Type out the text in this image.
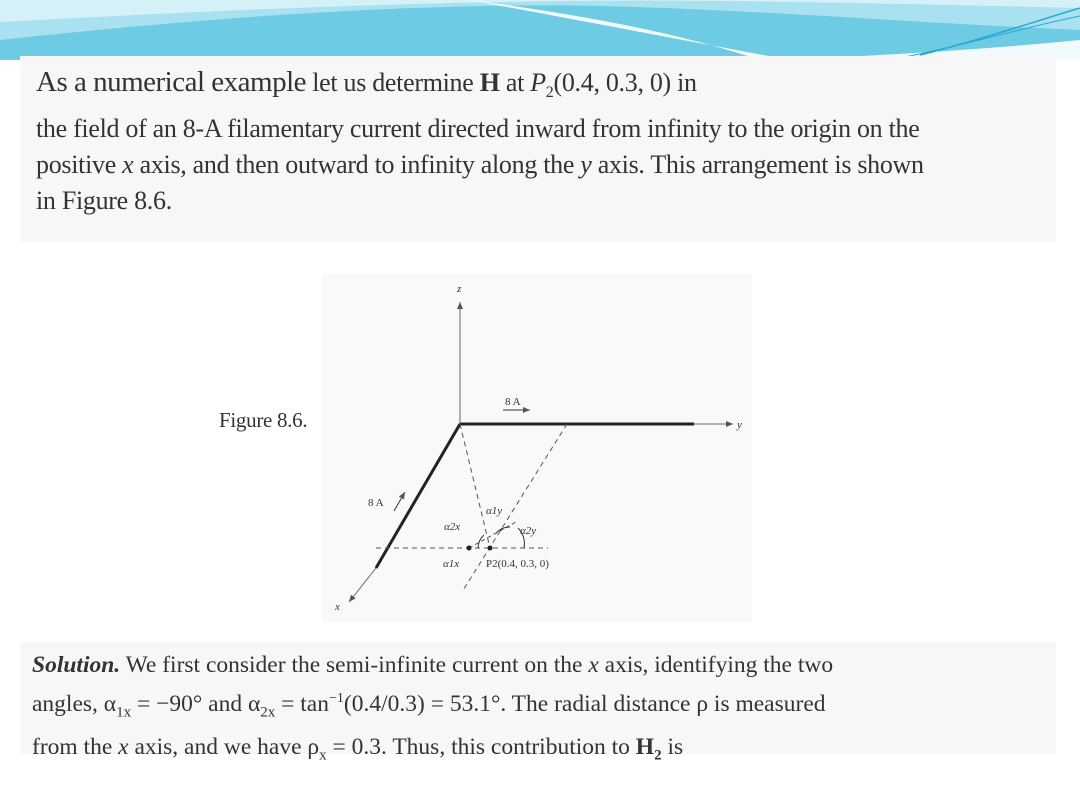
As a numerical example let us determine H at $P_2(0.4$, 0.3, 0) in
the field of an 8-A filamentary current directed inward from infinity to the origin on the
positive x axis, and then outward to infinity along the y axis. This arrangement is shown
in Figure 8.6.
Figure 8.6.
z
y
x
8 A
8 A
α1y
α2y
α2x
α1x P2(0.4, 0.3, 0)
Solution. We first consider the semi-infinite current on the x axis, identifying the two
angles, $\alpha_{1x} = -90^\circ$ and $\alpha_{2x} = \tan^{-1}(0.4/0.3) = 53.1^\circ$. The radial distance ρ is measured
from the x axis, and we have $\rho_x = 0.3$. Thus, this contribution to $H_2$ is
